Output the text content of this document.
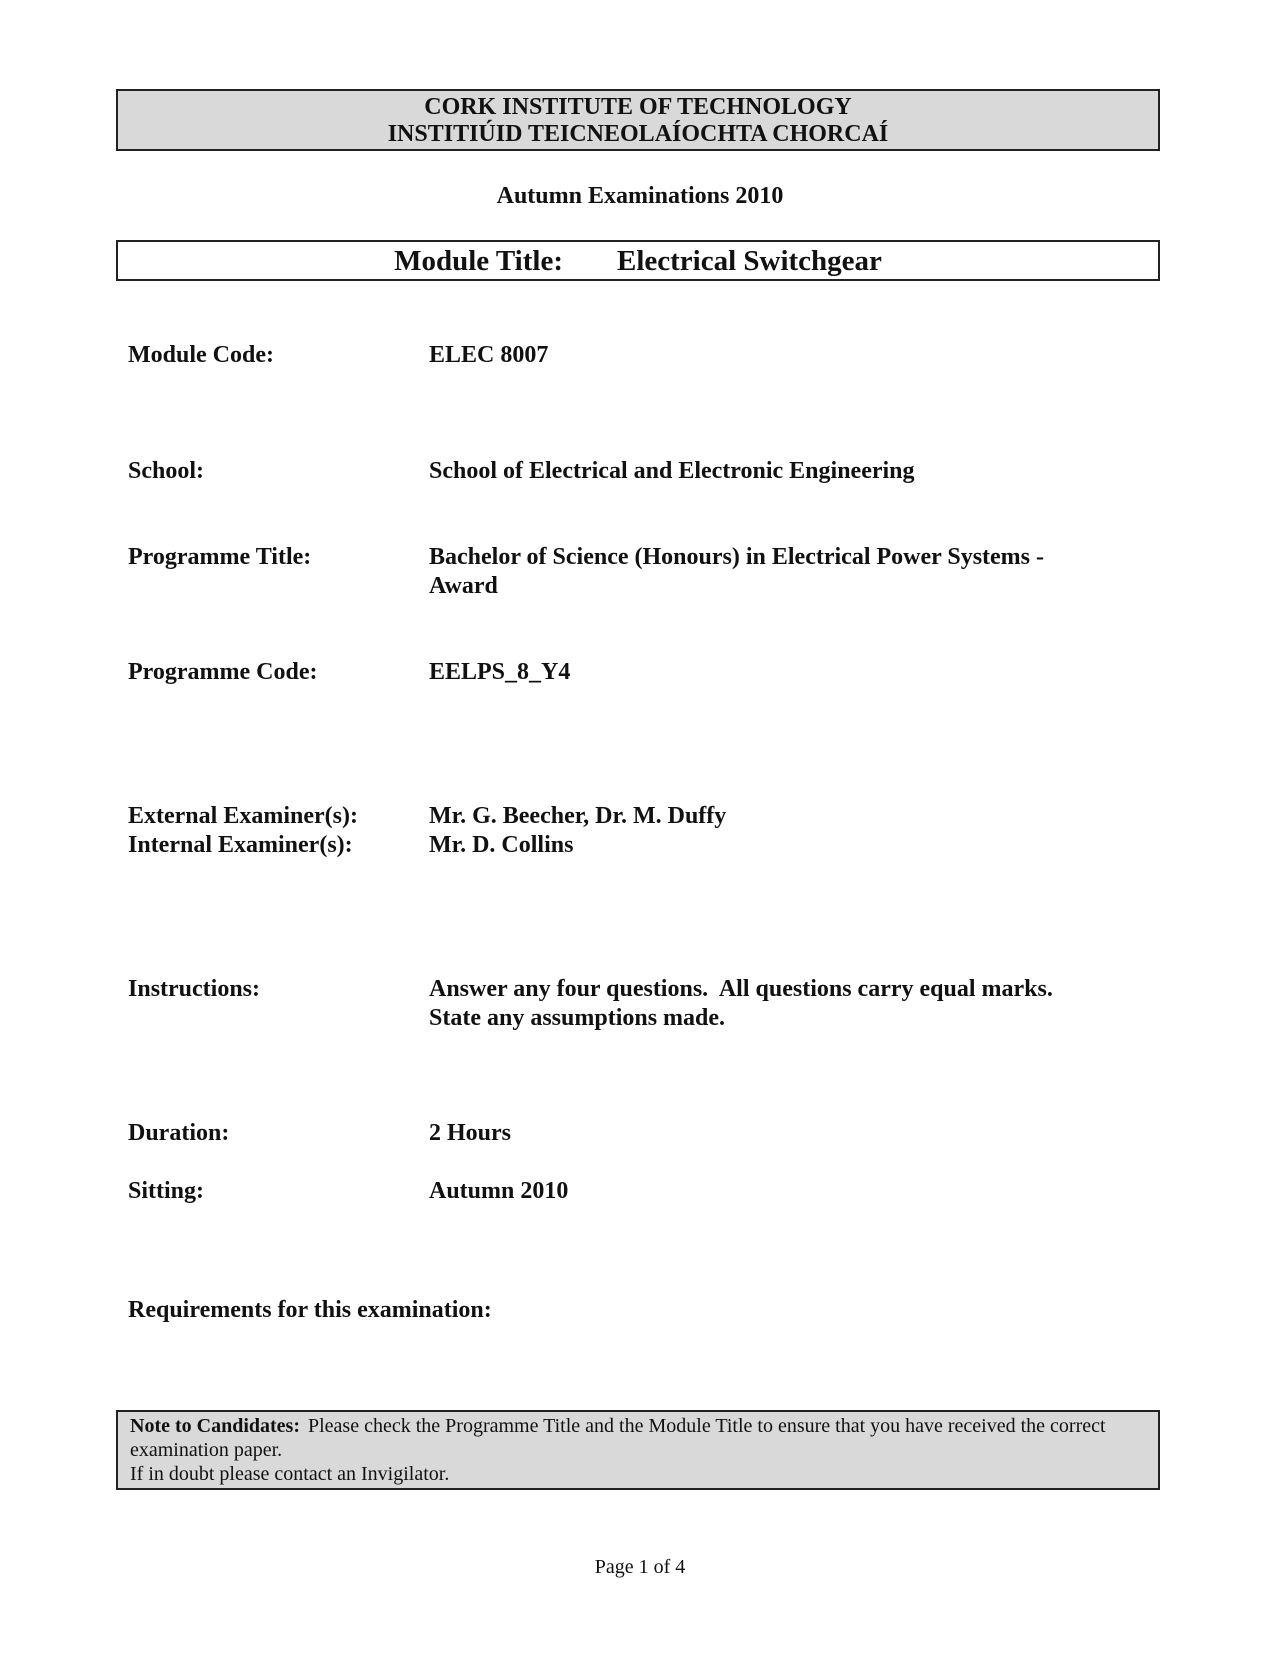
CORK INSTITUTE OF TECHNOLOGY
INSTITIÚID TEICNEOLAÍOCHTA CHORCAÍ
Autumn Examinations 2010
Module Title: Electrical Switchgear
Module Code:	ELEC 8007
School:	School of Electrical and Electronic Engineering
Programme Title:	Bachelor of Science (Honours) in Electrical Power Systems - Award
Programme Code:	EELPS_8_Y4
External Examiner(s):	Mr. G. Beecher, Dr. M. Duffy
Internal Examiner(s):	Mr. D. Collins
Instructions:	Answer any four questions.  All questions carry equal marks.
State any assumptions made.
Duration:	2 Hours
Sitting:	Autumn 2010
Requirements for this examination:
Note to Candidates: Please check the Programme Title and the Module Title to ensure that you have received the correct examination paper.
If in doubt please contact an Invigilator.
Page 1 of 4
